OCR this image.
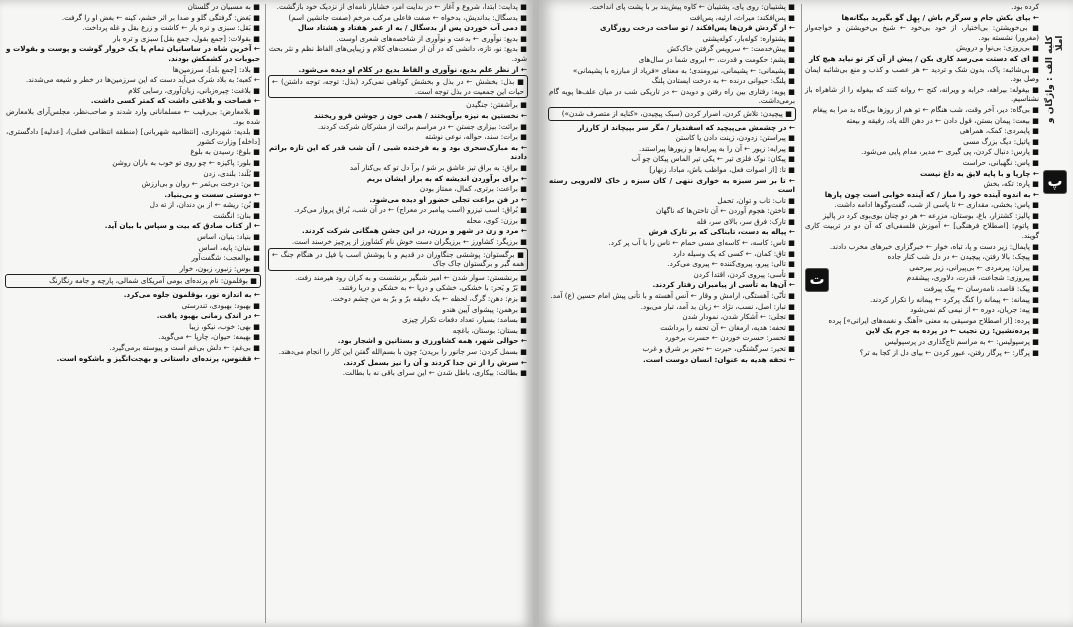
■ پدایت: ابتدا، شروع و آغاز ← در بدایت امر، خشایار نامه‌ای از نزدیک خود بازگشت.
■ بدسگال: بداندیش، بدخواه ← صفت فاعلی مرکب مرخم (صفت جانشین اسم)
■ دمی آب خوردن پس از بدسگال / به از عمر هفتاد و هشتاد سال
■ بدیع: نوآوری ← بدعت و نوآوری از شاخصه‌های شعری اوست.
■ بدیع: نو، تازه، دانشی که در آن از صنعت‌های کلام و زیبایی‌های الفاظ نظم و نثر بحث شود.
← از نظر علم بدیع، نوآوری و الفاظ بدیع در کلام او دیده می‌شود.
■ بذل: بخشش ← در بذل و بخشش کوتاهی نمی‌کرد (بذل: توجه، توجه داشتن) ← حیات این جمعیت در بذل توجه است.
■ برآشفتن: جنگیدن
← نخستین به نیزه برآویختند / همی خون ز جوشن فرو ریختند
■ برائت: بیزاری جستن ← در مراسم برائت از مشرکان شرکت کردند.
■ برات: سند، حواله، نوعی نوشته
← به مبارک‌سحری بود و به فرخنده شبی / آن شب قدر که این تازه براتم دادند
■ براق: به براق تیز عاشق بر شو / برآ دل تو که بی‌کنار آمد
← برای برآوردن اندیشه که به براز ایشان بریم
■ براعت: برتری، کمال، ممتاز بودن
← در فن براعت تجلی حضور او دیده می‌شود.
■ بُراق: اسب تیزرو (اسب پیامبر در معراج) ← در آن شب، بُراق پرواز می‌کرد.
■ برزن: کوی، محله
← مرد و زن در شهر و برزن، در این جشن همگانی شرکت کردند.
■ برزیگر: کشاورز ← برزیگران دست خوش نام کشاورز از پرچیز خرسند است.
■ برگستوان: پوششی جنگاوران در قدیم و با پوشش اسب یا فیل در هنگام جنگ ← همه گبر و برگستوان جاک جاک
■ برنشستن: سوار شدن ← امیر شبگیر برنشست و به کران رود هیرمند رفت.
■ بَرّ و بَحر: با خشکی، خشکی و دریا ← به خشکی و دریا رفتند.
■ بزم: دهن: گرگ، لحظه ← یک دقیقه برّ و برّ به من چشم دوخت.
■ برهمن: پیشوای آیین هندو
■ بسامد: بسیار، تعداد دفعات تکرار چیزی
■ بستان: بوستان، باغچه
← حوالی شهر، همه کشاورزی و بستانین و اشجار بود.
■ بسمل کردن: سر جانور را بریدن؛ چون با بسم‌الله گفتن این کار را انجام می‌دهند.
← سرش را از تن جدا کردند و آن را نیز بسمل کردند.
■ بطالت: بیکاری، باطل شدن ← این سرای باقی نه با بطالت.
■ به مسبیان در گلستان
■ بَغض: گرفتگی گلو و صدا بر اثر خشم، کینه ← بغض او را گرفت.
■ بَقل: سبزی و تره بار ← کاشت و زرع بقل و غله پرداخت.
■ بقولات: [جمع بقول، جمع بقل] سبزی و تره بار
← آخرین شاه در ساسانیان تمام یا یک خروار گوشت و پوست و بقولات و حبوبات در کشمکش بودند.
■ بلاد: [جمع بلد]، سرزمین‌ها
← کعبه؛ به بلاد شرک می‌آید دست که این سرزمین‌ها در خطر و شیعه می‌شدند.
■ بلاغت: چیره‌زبانی، زبان‌آوری، رسایی کلام
← فصاحت و بلاغتی داشت که کمتر کسی داشت.
■ بلامعارض: بی‌رقیب ← مسلمانانی وارد شدند و صاحب‌نظر، مجلس‌آرای بلامعارض شده بود.
■ بلدیه: شهرداری، [انتظامیه شهربانی] (منطقه انتظامی فعلی)، [عدلیه] دادگستری، [داخله] وزارت کشور
■ بلوغ: رسیدن به بلوغ
■ بلور: پاکیزه ← چو روی تو خوب به باران روشن
■ بُلَند: بلندی، زدن
■ بن: درخت بی‌ثمر ← روان و بی‌ارزش
← دوستی سست و بی‌بنیاد.
■ بُن: ریشه ← از بن دندان، از ته دل
■ بنان: انگشت
← از کتاب صادق که بیت و سپاس با بیان آید.
■ بنیاد: بنیان، اساس
■ بنیان: پایه، اساس
■ بوالعجب: شگفت‌آور
■ بوس: زنبور، زبون، خوار
■ بوقلمون: نام پرنده‌ای بومی آمریکای شمالی، پارچه و جامه رنگارنگ
← به اندازه نور، بوقلمون جلوه می‌کرد.
■ بهبود: بهبودی، تندرستی
← در اندک زمانی بهبود یافت.
■ بهی: خوب، نیکو، زیبا
■ بهیمه: حیوان، چارپا ← می‌گوید.
■ بی‌غم: ← دلش بی‌غم است و پیوسته برمی‌گیرد.
← ققنوس، پرنده‌ای داستانی و بهجت‌انگیز و باشکوه است.
کلیه الف : واژگان و املا
کرده بود.
← بپای بکش جام و سرگرم باش / بِهِل گو بگیرید بیگانه‌ها
■ بی‌خویشتن: بی‌اختیار، از خود بی‌خود ← شیخ بی‌خویشتن و خواجه‌وار (مغرور) نشسته بود.
■ بی‌روزی: بی‌نوا و درویش
■ ای که دستت می‌رسد کاری بکن / پیش از آن کز تو نیاید هیچ کار
■ بی‌شائبه: پاک، بدون شک و تردید ← هر عصب و کذب و منع بی‌شائبه ایمان وصل بود.
■ بیغوله: بیراهه، خرابه و ویرانه، کنج ← روانه کنند که بیغوله را از شاهراه باز نشناسیم.
■ بی‌گاه: دیر، آخر وقت، شب هنگام ← تو هم از روزها بی‌گاه بد مرا به پیغام
■ بیعت: پیمان بستن، قول دادن ← در دهن الله یاد، رفیقه و بیعته
■ پایمردی: کمک، همراهی
■ پاتیل: دیگ بزرگ مسی
■ پارس: دنبال کردن، پی گیری ← مدیر، مدام پایی می‌شود.
■ پاس: نگهبانی، حراست
← چارپا و با پایه لایق به داغ نیست
■ پاره: تکه، بخش
← به اندوه آینده خود را مباز / که آینده خوابی است چون پارها
■ پاس: بخشی، مقداری ← تا پاسی از شب، گفت‌وگوها ادامه داشت.
■ پالیز: کشتزار، باغ، بوستان، مزرعه ← هر دو چنان بوی‌بوی کرد در پالیز
■ پاتوم: [اصطلاح فرهنگی] ← آموزش فلسفی‌ای که آن دو در تربیت کاری گویند.
■ پایمال: زیر دست و پا، تباه، خوار ← خبرگزاری خبرهای مخرب دادند.
■ پیچک: بالا رفتن، پیچیدن ← در دل شب کنار جاده
■ پیران: پیرمردی ← بی‌پیرانی، زیر بیرحمی
■ پیروزی: شجاعت، قدرت، دلاوری، پیشقدم
■ پیک: قاصد، نامه‌رسان ← پیک پیرفت
■ پیمانه: ← پیمانه را کنگ پرکرد ← پیمانه را تکرار کردند.
■ پیه: جریان، دوره ← از نیمی کم نمی‌شود
■ پرده: [از اصطلاح موسیقی به معنی «آهنگ و نغمه‌های ایرانی»] پرده
■ پرده‌نشین: زن نجیب ← در پرده به جرم یک لاین
■ پرسپولیس: ← به مراسم تاج‌گذاری در پرسپولیس
■ پرگار: ← پرگار رفتن، عبور کردن ← بیای دل از کجا به تر؟
■ پشتیبان: روی پای، پشتیبان ← کاوه پیش‌بند بر با پشت پای انداخت.
■ پس‌افکند: میراث، ارثیه، پس‌افت
← از گردش قرن‌ها پس‌افکند / تو ساخت درخت روزگاری
■ پشتواره: کوله‌بار، کوله‌پشتی
■ پیش‌خدمت: ← سرویس گرفتن خاک‌کش
■ پشم: حکومت و قدرت، ← ابروی شما در سال‌های
■ پشیمانی: ← پشیمانی، نیرومندی؛ به معنای «فریاد از مبارزه با پشیمانی»
■ پلنگ: حیوانی درنده ← به درخت ایستادن پلنگ
■ پویه: رفتاری بین راه رفتن و دویدن ← در تاریکی شب در میان علف‌ها پویه گام برمی‌داشت.
■ پیچیدن: تلاش کردن، اصرار کردن (سبک پیچیدن، «کنایه از متصرف شدن»)
← در چشمش می‌پیچید که اسفندیار / مگر سر بپیچاند از کارزار
■ پیراستن: زدودن، زینت دادن یا کاستن
■ پیرایه: زیور ← آن را به پیرایه‌ها و زیورها پیراستند.
■ پیکان: نوک فلزی تیر ← یکی تیر الماس پیکان چو آب
■ تا: [از اصوات فعل، مواظب باش، مبادا، زنهار]
← تا بر سر سبزه به خواری ننهی / کان سبزه ز خاک لاله‌رویی رسته است
■ تاب: تاب و توان، تحمل
■ تاختن: هجوم آوردن ← آن تاختن‌ها که ناگهان
■ تارک: فرق سر، بالای سر، قله
← پیاله به دست، تابناکی که بر تارک فرش
■ تاس: کاسه، ← کاسه‌ای مسی حمام ← تاس را با آب پر کرد.
■ تاق: کمان، ← کسی که یک وسیله دارد
■ تالی: پیرو، پیروی‌کننده ← پیروی می‌کرد.
■ تأسی: پیروی کردن، اقتدا کردن
← آن‌ها به تأسی از پیامبران رفتار کردند.
■ تأنّی: آهستگی، ارامش و وقار ← آنس آهسته و با تأنی پیش امام حسین (ع) آمد.
■ تبار: اصل، نسب، نژاد ← زبان بد آمد، تبار می‌بود.
■ تجلی: ← آشکار شدن، نمودار شدن
■ تحفه: هدیه، ارمغان ← آن تحفه را برداشت
■ تحسر: حسرت خوردن ← حسرت برخورد
■ تحیر: سرگشتگی، حیرت ← تحیر بر شرق و غرب
← تحفه هدیه به عنوان: انسان دوست است.
پ
ت
